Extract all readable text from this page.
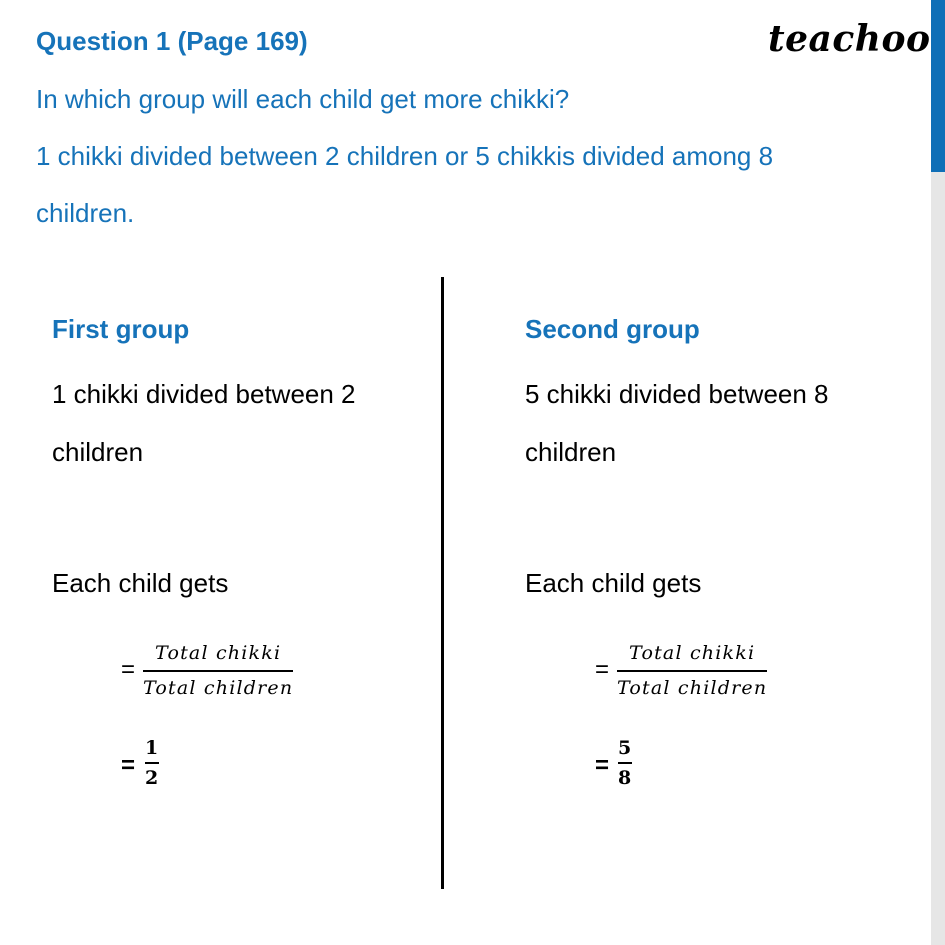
Question 1 (Page 169)	teachoo
In which group will each child get more chikki?
1 chikki divided between 2 children or 5 chikkis divided among 8
children.
First group
1 chikki divided between 2
children
Each child gets
=
Total chikki
Total children
=
1
2
Second group
5 chikki divided between 8
children
Each child gets
=
Total chikki
Total children
=
5
8
